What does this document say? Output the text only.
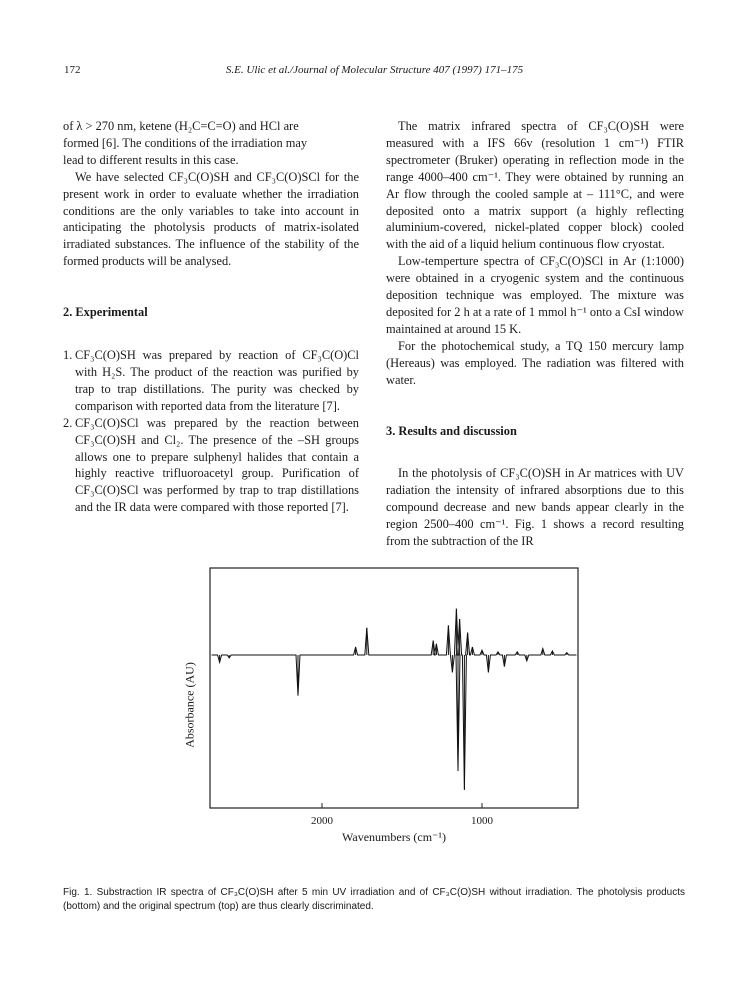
172	S.E. Ulic et al./Journal of Molecular Structure 407 (1997) 171–175

of λ > 270 nm, ketene (H₂C=C=O) and HCl are
formed [6]. The conditions of the irradiation may
lead to different results in this case.

We have selected CF₃C(O)SH and CF₃C(O)SCl for the present work in order to evaluate whether the irradiation conditions are the only variables to take into account in anticipating the photolysis products of matrix-isolated irradiated substances. The influence of the stability of the formed products will be analysed.

2. Experimental

1. CF₃C(O)SH was prepared by reaction of CF₃C(O)Cl with H₂S. The product of the reaction was purified by trap to trap distillations. The purity was checked by comparison with reported data from the literature [7].
2. CF₃C(O)SCl was prepared by the reaction between CF₃C(O)SH and Cl₂. The presence of the –SH groups allows one to prepare sulphenyl halides that contain a highly reactive trifluoroacetyl group. Purification of CF₃C(O)SCl was performed by trap to trap distillations and the IR data were compared with those reported [7].

The matrix infrared spectra of CF₃C(O)SH were measured with a IFS 66v (resolution 1 cm⁻¹) FTIR spectrometer (Bruker) operating in reflection mode in the range 4000–400 cm⁻¹. They were obtained by running an Ar flow through the cooled sample at – 111°C, and were deposited onto a matrix support (a highly reflecting aluminium-covered, nickel-plated copper block) cooled with the aid of a liquid helium continuous flow cryostat.

Low-temperture spectra of CF₃C(O)SCl in Ar (1:1000) were obtained in a cryogenic system and the continuous deposition technique was employed. The mixture was deposited for 2 h at a rate of 1 mmol h⁻¹ onto a CsI window maintained at around 15 K.

For the photochemical study, a TQ 150 mercury lamp (Hereaus) was employed. The radiation was filtered with water.

3. Results and discussion

In the photolysis of CF₃C(O)SH in Ar matrices with UV radiation the intensity of infrared absorptions due to this compound decrease and new bands appear clearly in the region 2500–400 cm⁻¹. Fig. 1 shows a record resulting from the subtraction of the IR

2000	1000
Wavenumbers (cm⁻¹)
Absorbance (AU)
Fig. 1. Substraction IR spectra of CF₃C(O)SH after 5 min UV irradiation and of CF₃C(O)SH without irradiation. The photolysis products (bottom) and the original spectrum (top) are thus clearly discriminated.
